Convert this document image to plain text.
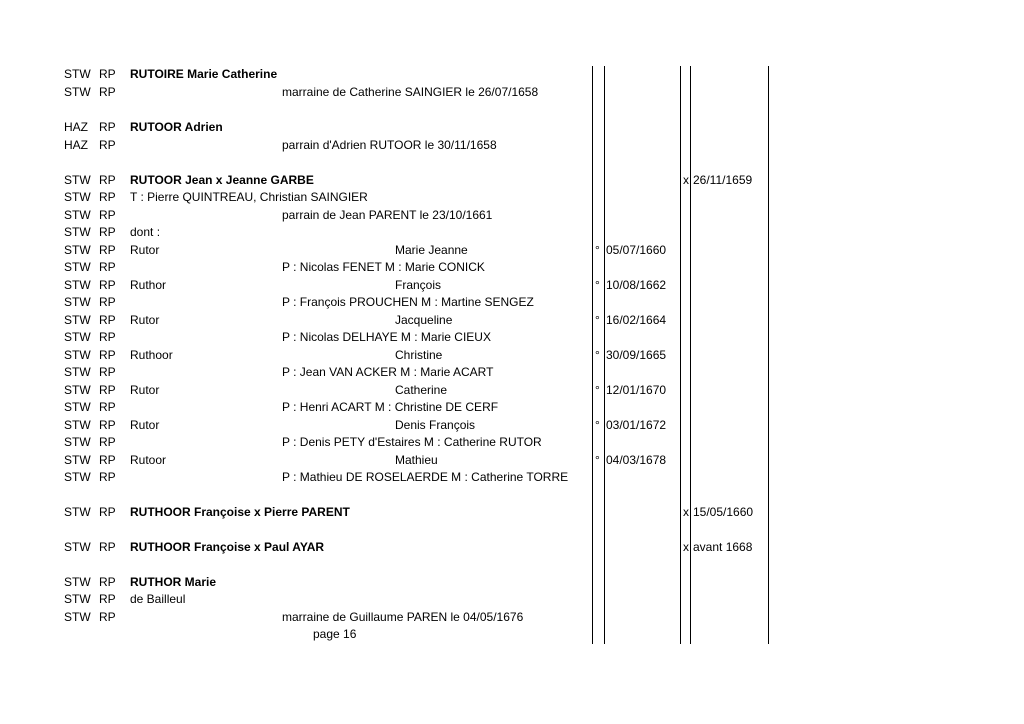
STW RP RUTOIRE Marie Catherine
STW RP	marraine de Catherine SAINGIER le 26/07/1658
HAZ RP RUTOOR Adrien
HAZ RP	parrain d'Adrien RUTOOR le 30/11/1658
STW RP RUTOOR Jean x Jeanne GARBE	x 26/11/1659
STW RP T : Pierre QUINTREAU, Christian SAINGIER
STW RP	parrain de Jean PARENT le 23/10/1661
STW RP dont :
STW RP Rutor	Marie Jeanne	° 05/07/1660
STW RP	P : Nicolas FENET M : Marie CONICK
STW RP Ruthor	François	° 10/08/1662
STW RP	P : François PROUCHEN M : Martine SENGEZ
STW RP Rutor	Jacqueline	° 16/02/1664
STW RP	P : Nicolas DELHAYE M : Marie CIEUX
STW RP Ruthoor	Christine	° 30/09/1665
STW RP	P : Jean VAN ACKER M : Marie ACART
STW RP Rutor	Catherine	° 12/01/1670
STW RP	P : Henri ACART M : Christine DE CERF
STW RP Rutor	Denis François	° 03/01/1672
STW RP	P : Denis PETY d'Estaires M : Catherine RUTOR
STW RP Rutoor	Mathieu	° 04/03/1678
STW RP	P : Mathieu DE ROSELAERDE M : Catherine TORRE
STW RP RUTHOOR Françoise x Pierre PARENT	x 15/05/1660
STW RP RUTHOOR Françoise x Paul AYAR	x avant 1668
STW RP RUTHOR Marie
STW RP de Bailleul
STW RP	marraine de Guillaume PAREN le 04/05/1676
page 16
